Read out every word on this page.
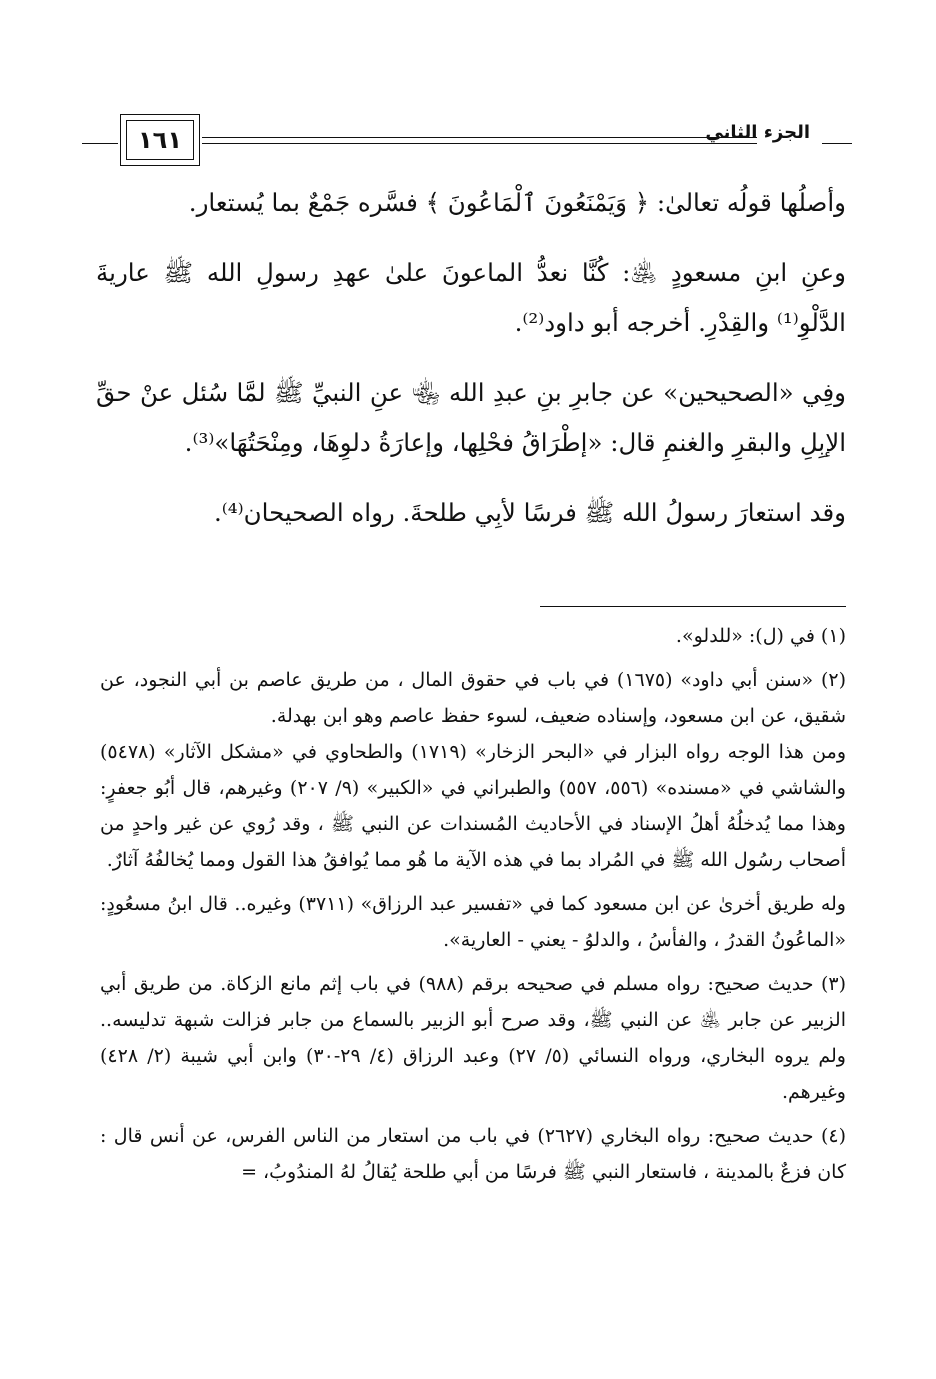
١٦١	الجزء الثاني

وأصلُها قولُه تعالىٰ: ﴿ وَيَمْنَعُونَ ٱلْمَاعُونَ ﴾ فسَّره جَمْعٌ بما يُستعار.

وعنِ ابنِ مسعودٍ ﵁: كُنَّا نعدُّ الماعونَ علىٰ عهدِ رسولِ الله ﷺ عاريةَ الدَّلْوِ⁽¹⁾ والقِدْرِ. أخرجه أبو داود⁽²⁾.

وفِي «الصحيحين» عن جابرِ بنِ عبدِ الله ﵄ عنِ النبيِّ ﷺ لمَّا سُئل عنْ حقِّ الإبِلِ والبقرِ والغنمِ قال: «إطْرَاقُ فحْلِها، وإعارَةُ دلوِهَا، ومِنْحَتُهَا»⁽³⁾.

وقد استعارَ رسولُ الله ﷺ فرسًا لأبِي طلحةَ. رواه الصحيحان⁽⁴⁾.

(١) في (ل): «للدلو».

(٢) «سنن أبي داود» (١٦٧٥) في باب في حقوق المال ، من طريق عاصم بن أبي النجود، عن شقيق، عن ابن مسعود، وإسناده ضعيف، لسوء حفظ عاصم وهو ابن بهدلة.

ومن هذا الوجه رواه البزار في «البحر الزخار» (١٧١٩) والطحاوي في «مشكل الآثار» (٥٤٧٨) والشاشي في «مسنده» (٥٥٦، ٥٥٧) والطبراني في «الكبير» (٩/ ٢٠٧) وغيرهم، قال أبُو جعفرٍ: وهذا مما يُدخلُهُ أهلُ الإسناد في الأحاديث المُسندات عن النبي ﷺ ، وقد رُوي عن غير واحدٍ من أصحاب رسُول الله ﷺ في المُراد بما في هذه الآية ما هُو مما يُوافقُ هذا القول ومما يُخالفُهُ آثارٌ.

وله طريق أخرىٰ عن ابن مسعود كما في «تفسير عبد الرزاق» (٣٧١١) وغيره.. قال ابنُ مسعُودٍ: «الماعُونُ القدرُ ، والفأسُ ، والدلوُ - يعني - العارية».

(٣) حديث صحيح: رواه مسلم في صحيحه برقم (٩٨٨) في باب إثم مانع الزكاة. من طريق أبي الزبير عن جابر ﵁ عن النبي ﷺ، وقد صرح أبو الزبير بالسماع من جابر فزالت شبهة تدليسه.. ولم يروه البخاري، ورواه النسائي (٥/ ٢٧) وعبد الرزاق (٤/ ٢٩-٣٠) وابن أبي شيبة (٢/ ٤٢٨) وغيرهم.

(٤) حديث صحيح: رواه البخاري (٢٦٢٧) في باب من استعار من الناس الفرس، عن أنس قال : كان فزعٌ بالمدينة ، فاستعار النبي ﷺ فرسًا من أبي طلحة يُقالُ لهُ المندُوبُ، =
